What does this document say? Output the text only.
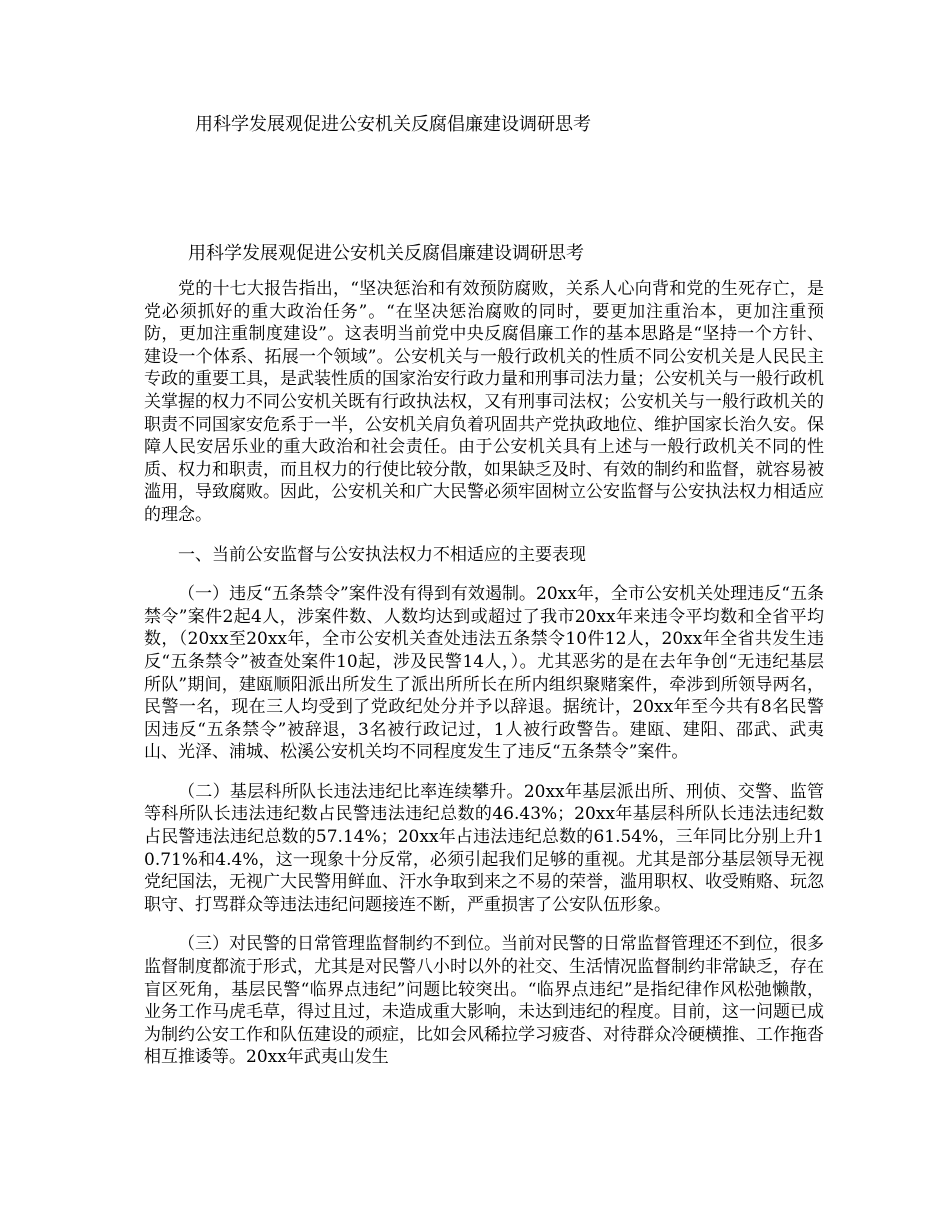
用科学发展观促进公安机关反腐倡廉建设调研思考
用科学发展观促进公安机关反腐倡廉建设调研思考

党的十七大报告指出，“坚决惩治和有效预防腐败，关系人心向背和党的生死存亡，是党必须抓好的重大政治任务”。“在坚决惩治腐败的同时，要更加注重治本，更加注重预防，更加注重制度建设”。这表明当前党中央反腐倡廉工作的基本思路是“坚持一个方针、建设一个体系、拓展一个领域”。公安机关与一般行政机关的性质不同公安机关是人民民主专政的重要工具，是武装性质的国家治安行政力量和刑事司法力量；公安机关与一般行政机关掌握的权力不同公安机关既有行政执法权，又有刑事司法权；公安机关与一般行政机关的职责不同国家安危系于一半，公安机关肩负着巩固共产党执政地位、维护国家长治久安。保障人民安居乐业的重大政治和社会责任。由于公安机关具有上述与一般行政机关不同的性质、权力和职责，而且权力的行使比较分散，如果缺乏及时、有效的制约和监督，就容易被滥用，导致腐败。因此，公安机关和广大民警必须牢固树立公安监督与公安执法权力相适应的理念。

一、当前公安监督与公安执法权力不相适应的主要表现

（一）违反“五条禁令”案件没有得到有效遏制。20xx年，全市公安机关处理违反“五条禁令”案件2起4人，涉案件数、人数均达到或超过了我市20xx年来违令平均数和全省平均数，（20xx至20xx年，全市公安机关查处违法五条禁令10件12人，20xx年全省共发生违反“五条禁令”被查处案件10起，涉及民警14人，）。尤其恶劣的是在去年争创“无违纪基层所队”期间，建瓯顺阳派出所发生了派出所所长在所内组织聚赌案件，牵涉到所领导两名，民警一名，现在三人均受到了党政纪处分并予以辞退。据统计，20xx年至今共有8名民警因违反“五条禁令”被辞退，3名被行政记过，1人被行政警告。建瓯、建阳、邵武、武夷山、光泽、浦城、松溪公安机关均不同程度发生了违反“五条禁令”案件。

（二）基层科所队长违法违纪比率连续攀升。20xx年基层派出所、刑侦、交警、监管等科所队长违法违纪数占民警违法违纪总数的46.43%；20xx年基层科所队长违法违纪数占民警违法违纪总数的57.14%；20xx年占违法违纪总数的61.54%，三年同比分别上升10.71%和4.4%，这一现象十分反常，必须引起我们足够的重视。尤其是部分基层领导无视党纪国法，无视广大民警用鲜血、汗水争取到来之不易的荣誉，滥用职权、收受贿赂、玩忽职守、打骂群众等违法违纪问题接连不断，严重损害了公安队伍形象。

（三）对民警的日常管理监督制约不到位。当前对民警的日常监督管理还不到位，很多监督制度都流于形式，尤其是对民警八小时以外的社交、生活情况监督制约非常缺乏，存在盲区死角，基层民警“临界点违纪”问题比较突出。“临界点违纪”是指纪律作风松弛懒散，业务工作马虎毛草，得过且过，未造成重大影响，未达到违纪的程度。目前，这一问题已成为制约公安工作和队伍建设的顽症，比如会风稀拉学习疲沓、对待群众冷硬横推、工作拖沓相互推诿等。20xx年武夷山发生
